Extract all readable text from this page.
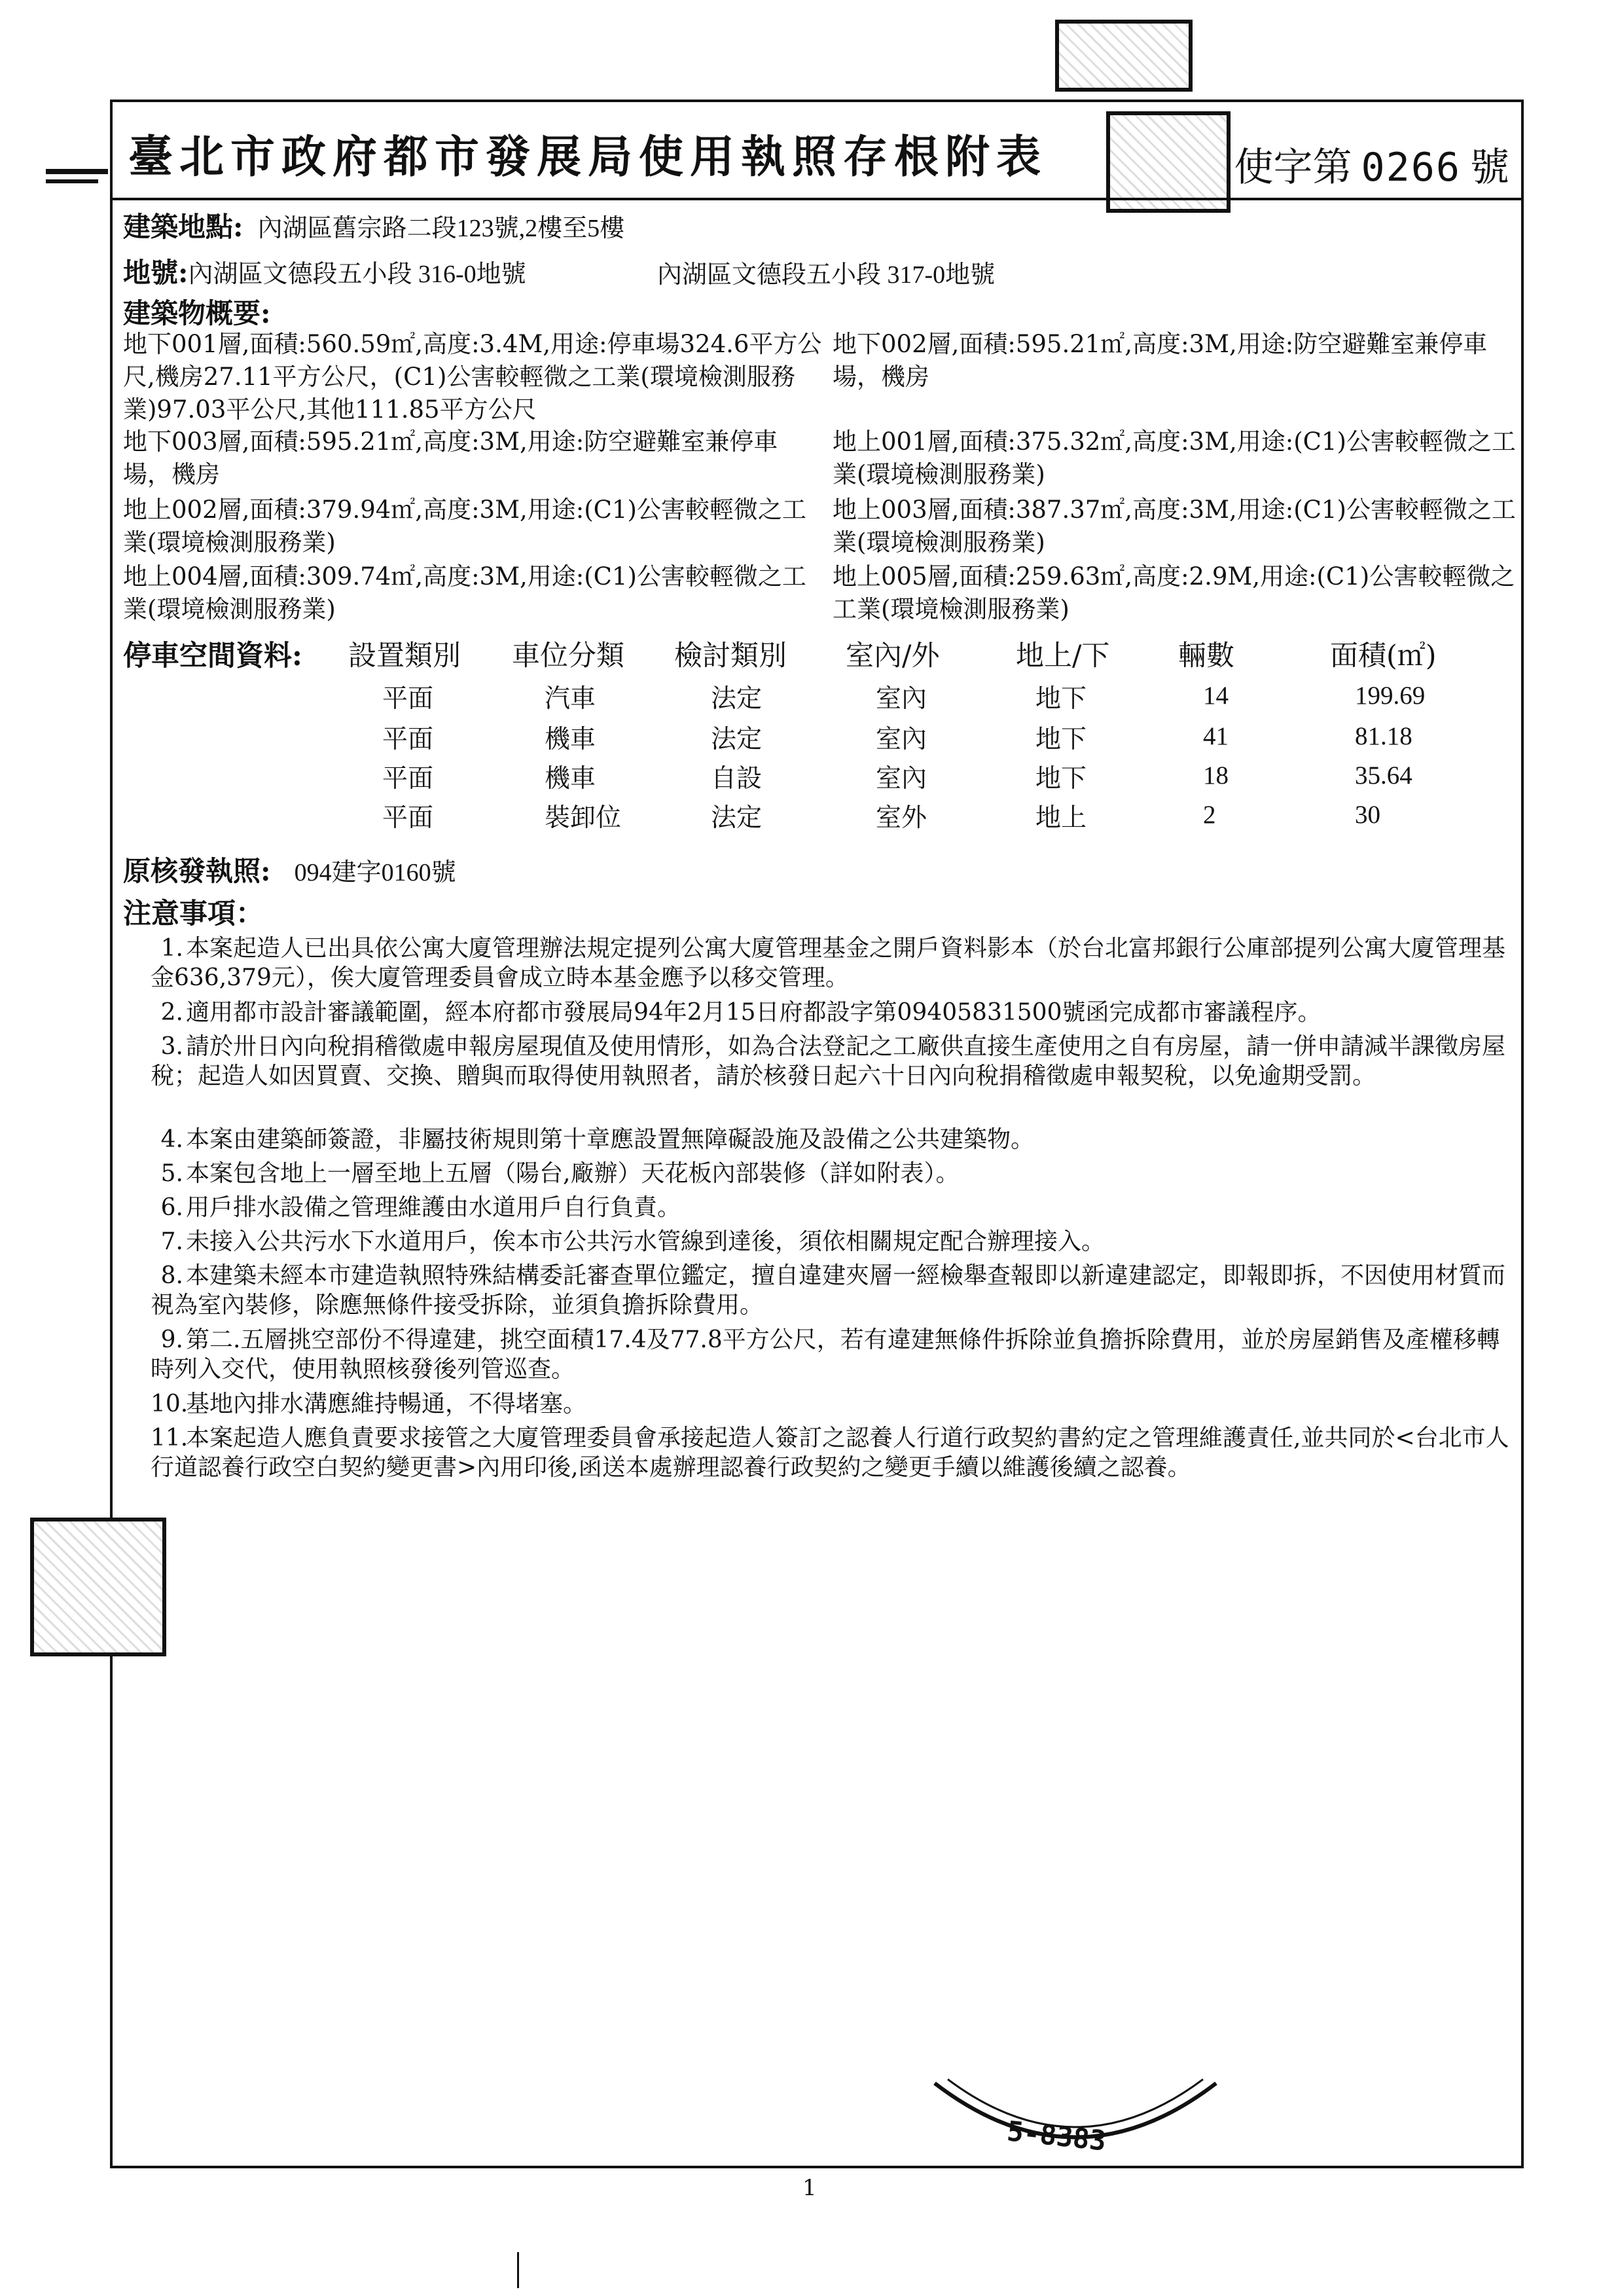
臺北市政府都市發展局使用執照存根附表	使字第 0266 號
建築地點: 內湖區舊宗路二段123號,2樓至5樓
地號:內湖區文德段五小段 316-0地號	內湖區文德段五小段 317-0地號
建築物概要:
地下001層,面積:560.59㎡,高度:3.4M,用途:停車場324.6平方公尺,機房27.11平方公尺，(C1)公害較輕微之工業(環境檢測服務業)97.03平公尺,其他111.85平方公尺
地下003層,面積:595.21㎡,高度:3M,用途:防空避難室兼停車場，機房
地上002層,面積:379.94㎡,高度:3M,用途:(C1)公害較輕微之工業(環境檢測服務業)
地上004層,面積:309.74㎡,高度:3M,用途:(C1)公害較輕微之工業(環境檢測服務業)
地下002層,面積:595.21㎡,高度:3M,用途:防空避難室兼停車場，機房
地上001層,面積:375.32㎡,高度:3M,用途:(C1)公害較輕微之工業(環境檢測服務業)
地上003層,面積:387.37㎡,高度:3M,用途:(C1)公害較輕微之工業(環境檢測服務業)
地上005層,面積:259.63㎡,高度:2.9M,用途:(C1)公害較輕微之工業(環境檢測服務業)
停車空間資料: 設置類別 車位分類 檢討類別 室內/外	地上/下 輛數	面積(㎡)
平面	汽車	法定	室內	地下	14	199.69
平面	機車	法定	室內	地下	41	81.18
平面	機車	自設	室內	地下	18	35.64
平面	裝卸位	法定	室外	地上	2	30
原核發執照: 094建字0160號
注意事項：
1. 本案起造人已出具依公寓大廈管理辦法規定提列公寓大廈管理基金之開戶資料影本（於台北富邦銀行公庫部提列公寓大廈管理基金636,379元），俟大廈管理委員會成立時本基金應予以移交管理。
2. 適用都市設計審議範圍，經本府都市發展局94年2月15日府都設字第09405831500號函完成都市審議程序。
3. 請於卅日內向稅捐稽徵處申報房屋現值及使用情形，如為合法登記之工廠供直接生產使用之自有房屋，請一併申請減半課徵房屋稅；起造人如因買賣、交換、贈與而取得使用執照者，請於核發日起六十日內向稅捐稽徵處申報契稅，以免逾期受罰。
4. 本案由建築師簽證，非屬技術規則第十章應設置無障礙設施及設備之公共建築物。
5. 本案包含地上一層至地上五層（陽台,廠辦）天花板內部裝修（詳如附表）。
6. 用戶排水設備之管理維護由水道用戶自行負責。
7. 未接入公共污水下水道用戶，俟本市公共污水管線到達後，須依相關規定配合辦理接入。
8. 本建築未經本市建造執照特殊結構委託審查單位鑑定，擅自違建夾層一經檢舉查報即以新違建認定，即報即拆，不因使用材質而視為室內裝修，除應無條件接受拆除，並須負擔拆除費用。
9. 第二.五層挑空部份不得違建，挑空面積17.4及77.8平方公尺，若有違建無條件拆除並負擔拆除費用，並於房屋銷售及產權移轉時列入交代，使用執照核發後列管巡查。
10.基地內排水溝應維持暢通，不得堵塞。
11.本案起造人應負責要求接管之大廈管理委員會承接起造人簽訂之認養人行道行政契約書約定之管理維護責任,並共同於<台北市人行道認養行政空白契約變更書>內用印後,函送本處辦理認養行政契約之變更手續以維護後續之認養。
5-8383
1
